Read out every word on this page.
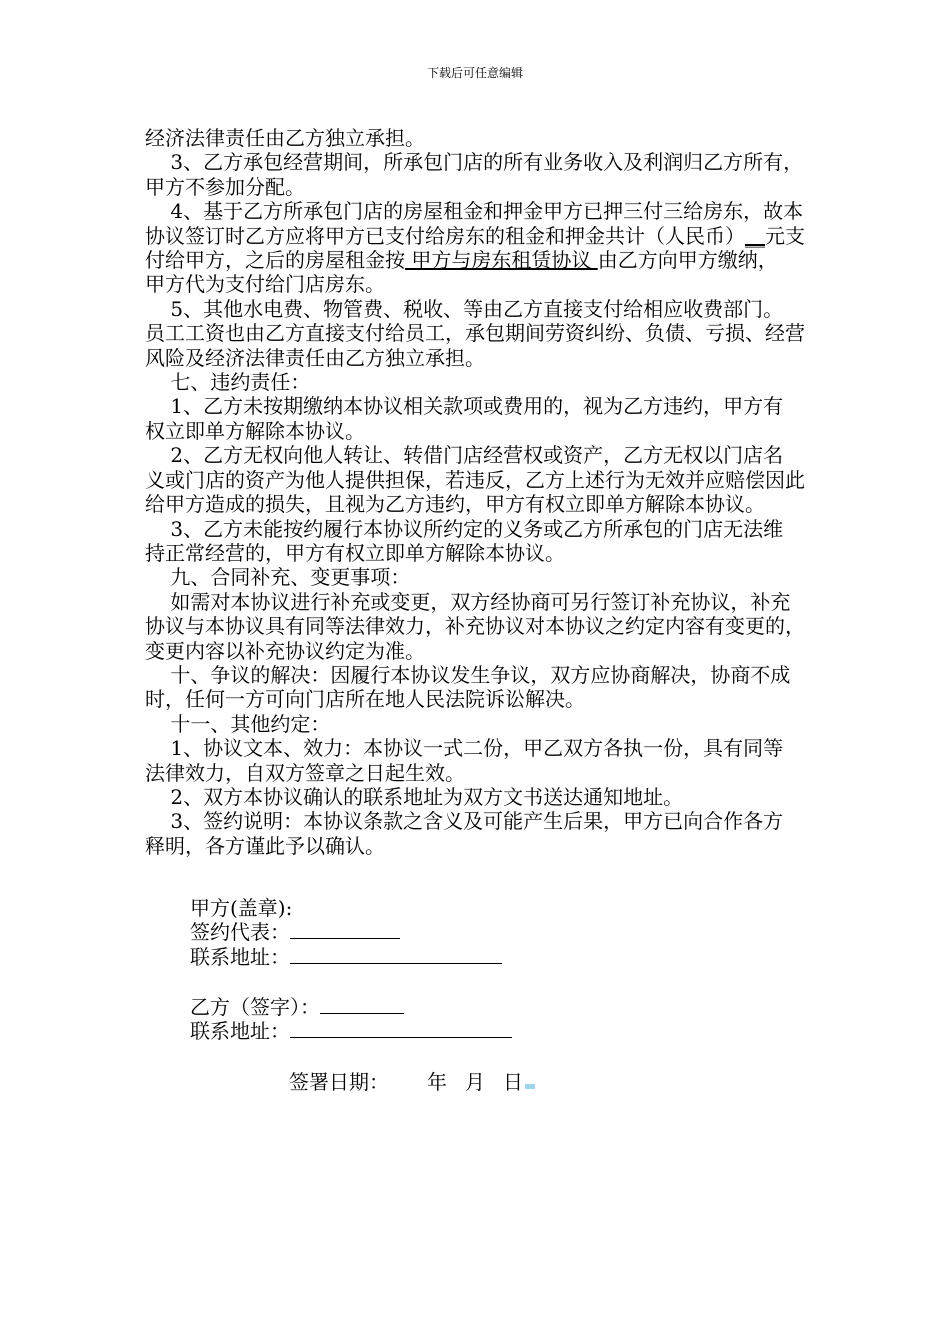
下载后可任意编辑
经济法律责任由乙方独立承担。
3、乙方承包经营期间，所承包门店的所有业务收入及利润归乙方所有，
甲方不参加分配。
4、基于乙方所承包门店的房屋租金和押金甲方已押三付三给房东，故本
协议签订时乙方应将甲方已支付给房东的租金和押金共计（人民币）__元支
付给甲方，之后的房屋租金按 甲方与房东租赁协议 由乙方向甲方缴纳，
甲方代为支付给门店房东。
5、其他水电费、物管费、税收、等由乙方直接支付给相应收费部门。
员工工资也由乙方直接支付给员工，承包期间劳资纠纷、负债、亏损、经营
风险及经济法律责任由乙方独立承担。
七、违约责任：
1、乙方未按期缴纳本协议相关款项或费用的，视为乙方违约，甲方有
权立即单方解除本协议。
2、乙方无权向他人转让、转借门店经营权或资产，乙方无权以门店名
义或门店的资产为他人提供担保，若违反，乙方上述行为无效并应赔偿因此
给甲方造成的损失，且视为乙方违约，甲方有权立即单方解除本协议。
3、乙方未能按约履行本协议所约定的义务或乙方所承包的门店无法维
持正常经营的，甲方有权立即单方解除本协议。
九、合同补充、变更事项：
如需对本协议进行补充或变更，双方经协商可另行签订补充协议，补充
协议与本协议具有同等法律效力，补充协议对本协议之约定内容有变更的，
变更内容以补充协议约定为准。
十、争议的解决：因履行本协议发生争议，双方应协商解决，协商不成
时，任何一方可向门店所在地人民法院诉讼解决。
十一、其他约定：
1、协议文本、效力：本协议一式二份，甲乙双方各执一份，具有同等
法律效力，自双方签章之日起生效。
2、双方本协议确认的联系地址为双方文书送达通知地址。
3、签约说明：本协议条款之含义及可能产生后果，甲方已向合作各方
释明，各方谨此予以确认。
甲方(盖章):
签约代表：
联系地址：
乙方（签字）：
联系地址：
签署日期： 年 月 日
